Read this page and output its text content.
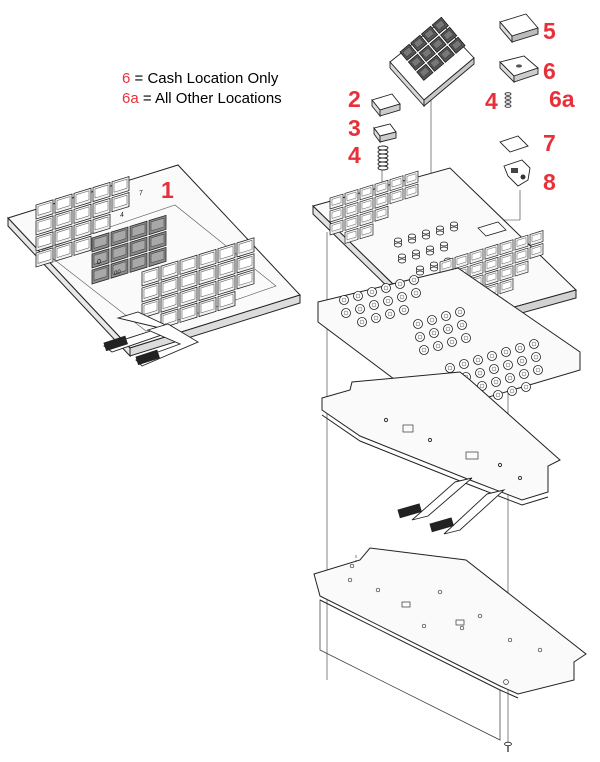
7
4
0
00
6 = Cash Location Only
6a = All Other Locations
1
2
3
4
5
6
4 6a
7
8
